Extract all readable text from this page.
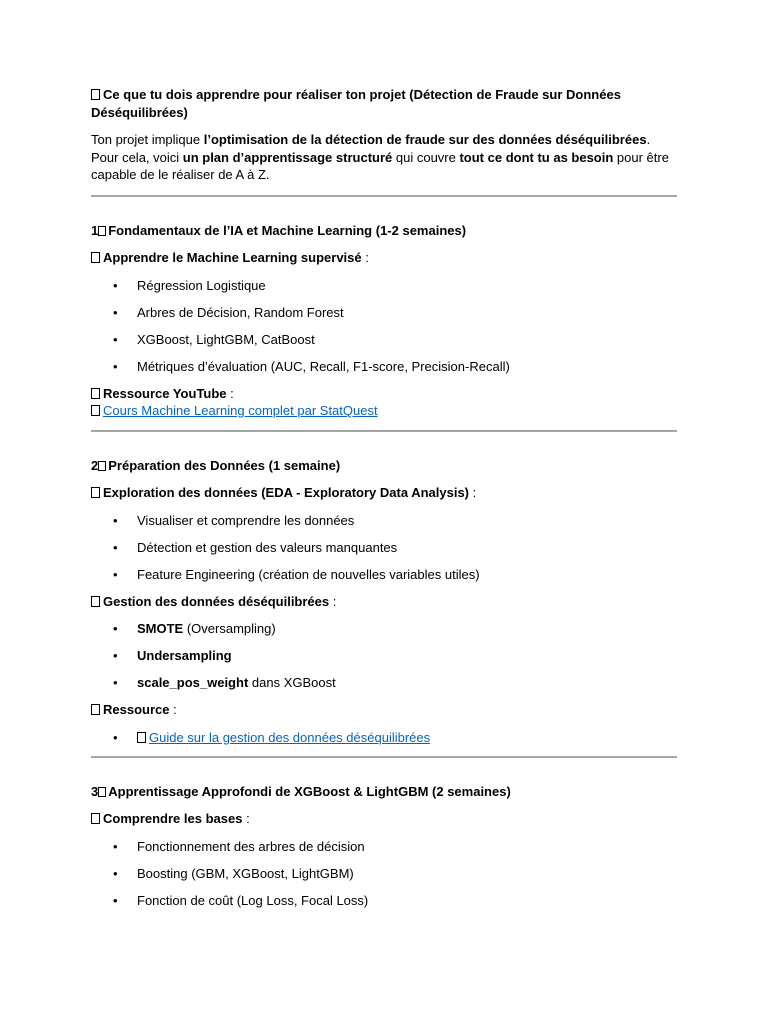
Ce que tu dois apprendre pour réaliser ton projet (Détection de Fraude sur Données Déséquilibrées)
Ton projet implique l’optimisation de la détection de fraude sur des données déséquilibrées. Pour cela, voici un plan d’apprentissage structuré qui couvre tout ce dont tu as besoin pour être capable de le réaliser de A à Z.
1 Fondamentaux de l’IA et Machine Learning (1-2 semaines)
Apprendre le Machine Learning supervisé :
• Régression Logistique
• Arbres de Décision, Random Forest
• XGBoost, LightGBM, CatBoost
• Métriques d’évaluation (AUC, Recall, F1-score, Precision-Recall)
Ressource YouTube :
Cours Machine Learning complet par StatQuest
2 Préparation des Données (1 semaine)
Exploration des données (EDA - Exploratory Data Analysis) :
• Visualiser et comprendre les données
• Détection et gestion des valeurs manquantes
• Feature Engineering (création de nouvelles variables utiles)
Gestion des données déséquilibrées :
• SMOTE (Oversampling)
• Undersampling
• scale_pos_weight dans XGBoost
Ressource :
• Guide sur la gestion des données déséquilibrées
3 Apprentissage Approfondi de XGBoost & LightGBM (2 semaines)
Comprendre les bases :
• Fonctionnement des arbres de décision
• Boosting (GBM, XGBoost, LightGBM)
• Fonction de coût (Log Loss, Focal Loss)
